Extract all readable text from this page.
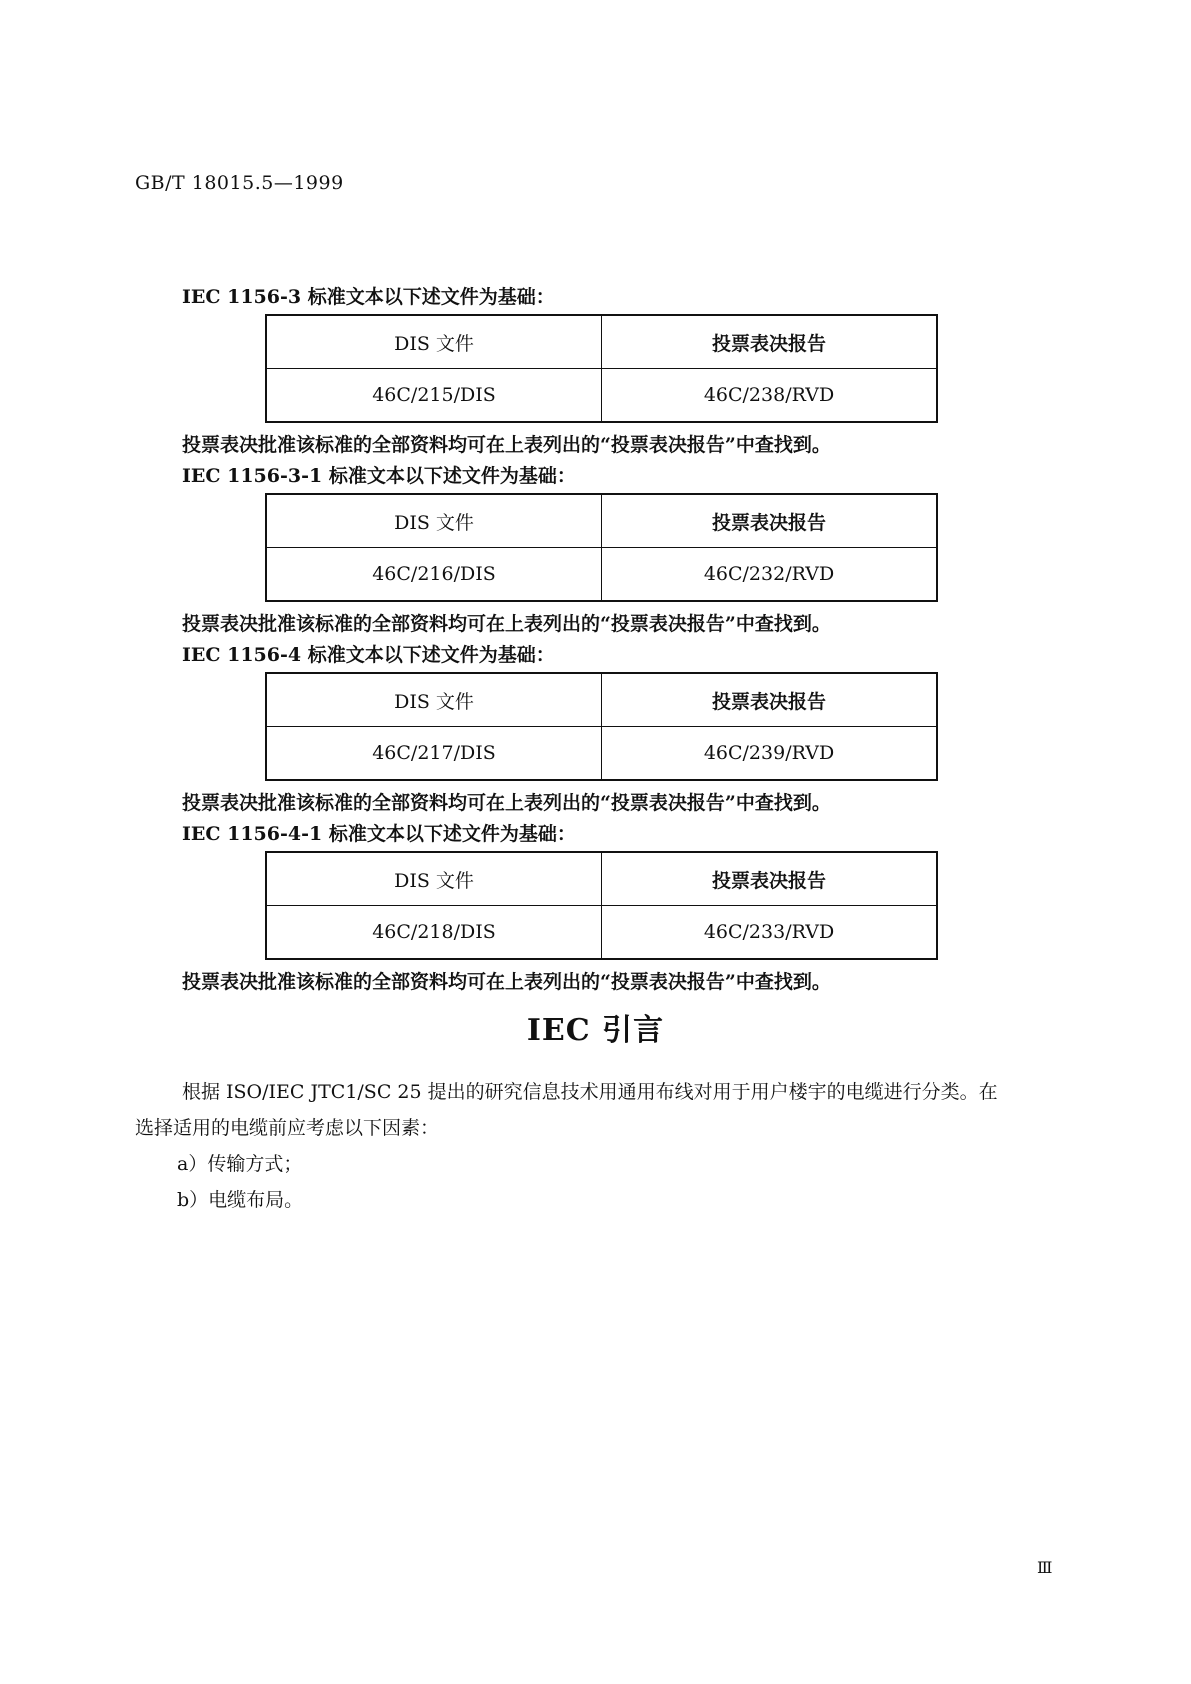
GB/T 18015.5—1999
IEC 1156-3 标准文本以下述文件为基础：
DIS 文件	投票表决报告
46C/215/DIS	46C/238/RVD
投票表决批准该标准的全部资料均可在上表列出的“投票表决报告”中查找到。
IEC 1156-3-1 标准文本以下述文件为基础：
DIS 文件	投票表决报告
46C/216/DIS	46C/232/RVD
投票表决批准该标准的全部资料均可在上表列出的“投票表决报告”中查找到。
IEC 1156-4 标准文本以下述文件为基础：
DIS 文件	投票表决报告
46C/217/DIS	46C/239/RVD
投票表决批准该标准的全部资料均可在上表列出的“投票表决报告”中查找到。
IEC 1156-4-1 标准文本以下述文件为基础：
DIS 文件	投票表决报告
46C/218/DIS	46C/233/RVD
投票表决批准该标准的全部资料均可在上表列出的“投票表决报告”中查找到。
IEC 引言
根据 ISO/IEC JTC1/SC 25 提出的研究信息技术用通用布线对用于用户楼宇的电缆进行分类。在
选择适用的电缆前应考虑以下因素：
a）传输方式；
b）电缆布局。
Ⅲ
